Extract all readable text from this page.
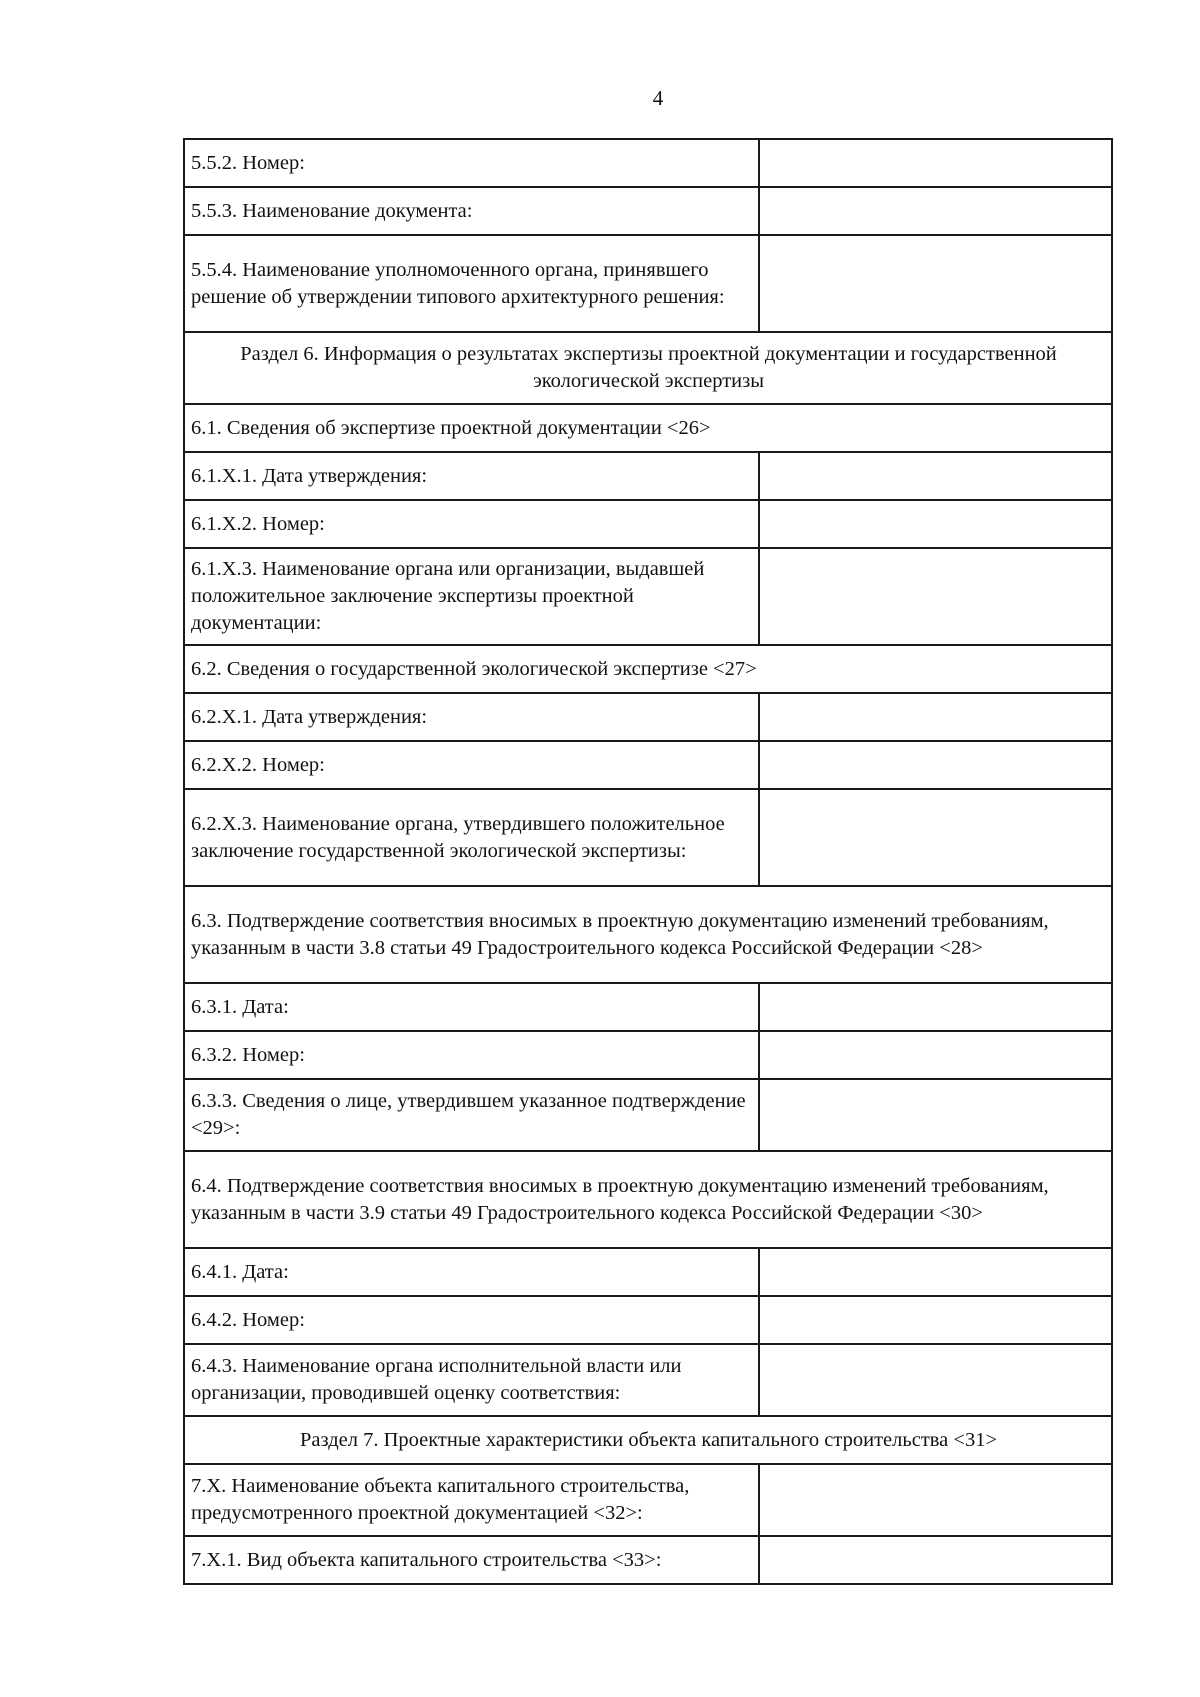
4
5.5.2. Номер:	
5.5.3. Наименование документа:	
5.5.4. Наименование уполномоченного органа, принявшего решение об утверждении типового архитектурного решения:	
Раздел 6. Информация о результатах экспертизы проектной документации и государственной экологической экспертизы	
6.1. Сведения об экспертизе проектной документации <26>	
6.1.X.1. Дата утверждения:	
6.1.X.2. Номер:	
6.1.X.3. Наименование органа или организации, выдавшей положительное заключение экспертизы проектной документации:	
6.2. Сведения о государственной экологической экспертизе <27>	
6.2.X.1. Дата утверждения:	
6.2.X.2. Номер:	
6.2.X.3. Наименование органа, утвердившего положительное заключение государственной экологической экспертизы:	
6.3. Подтверждение соответствия вносимых в проектную документацию изменений требованиям, указанным в части 3.8 статьи 49 Градостроительного кодекса Российской Федерации <28>	
6.3.1. Дата:	
6.3.2. Номер:	
6.3.3. Сведения о лице, утвердившем указанное подтверждение <29>:	
6.4. Подтверждение соответствия вносимых в проектную документацию изменений требованиям, указанным в части 3.9 статьи 49 Градостроительного кодекса Российской Федерации <30>	
6.4.1. Дата:	
6.4.2. Номер:	
6.4.3. Наименование органа исполнительной власти или организации, проводившей оценку соответствия:	
Раздел 7. Проектные характеристики объекта капитального строительства <31>	
7.X. Наименование объекта капитального строительства, предусмотренного проектной документацией <32>:	
7.X.1. Вид объекта капитального строительства <33>:	
